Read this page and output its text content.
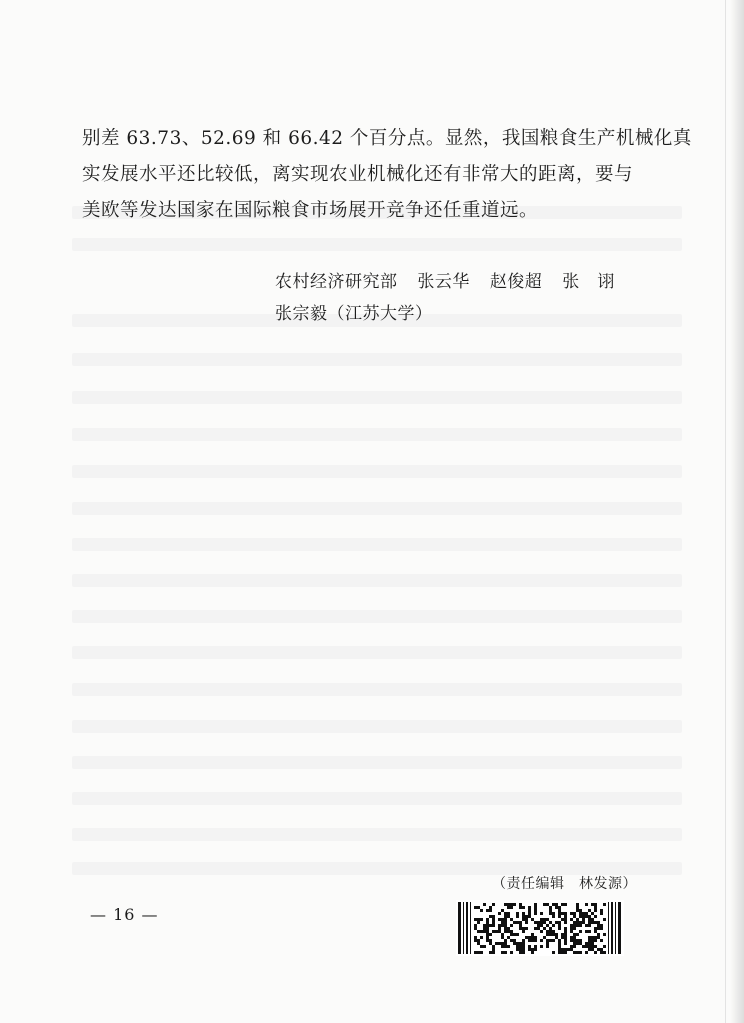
别差 63.73、52.69 和 66.42 个百分点。显然，我国粮食生产机械化真
实发展水平还比较低，离实现农业机械化还有非常大的距离，要与
美欧等发达国家在国际粮食市场展开竞争还任重道远。

农村经济研究部 张云华 赵俊超 张　诩
张宗毅（江苏大学）
（责任编辑　林发源）
— 16 —
